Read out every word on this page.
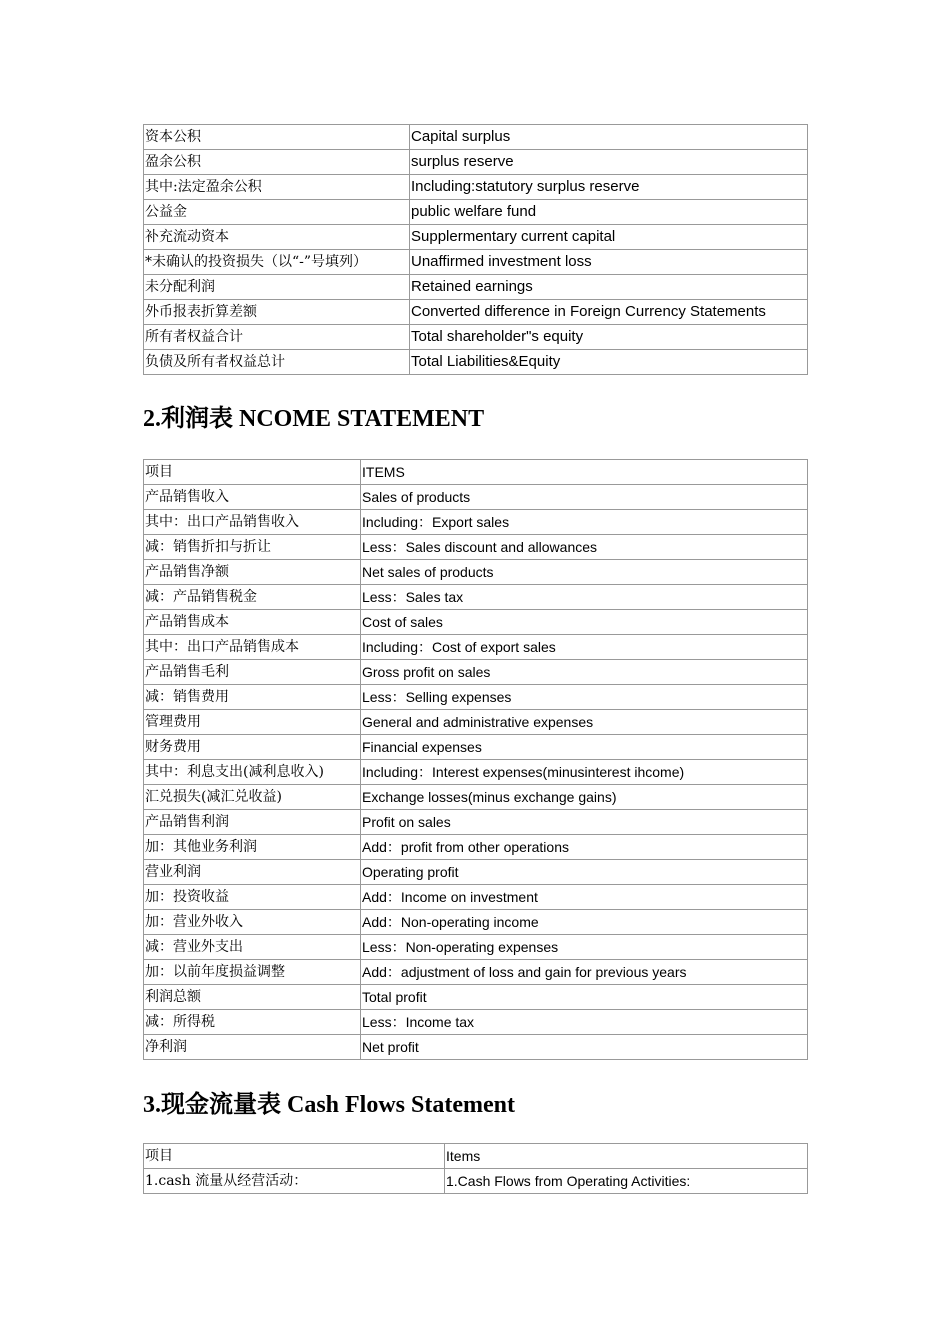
资本公积	Capital surplus
盈余公积	surplus reserve
其中:法定盈余公积	Including:statutory surplus reserve
公益金	public welfare fund
补充流动资本	Supplermentary current capital
*未确认的投资损失（以“-”号填列）	Unaffirmed investment loss
未分配利润	Retained earnings
外币报表折算差额	Converted difference in Foreign Currency Statements
所有者权益合计	Total shareholder"s equity
负债及所有者权益总计	Total Liabilities&Equity
2.利润表 NCOME STATEMENT
项目	ITEMS
产品销售收入	Sales of products
其中：出口产品销售收入	Including：Export sales
减：销售折扣与折让	Less：Sales discount and allowances
产品销售净额	Net sales of products
减：产品销售税金	Less：Sales tax
产品销售成本	Cost of sales
其中：出口产品销售成本	Including：Cost of export sales
产品销售毛利	Gross profit on sales
减：销售费用	Less：Selling expenses
管理费用	General and administrative expenses
财务费用	Financial expenses
其中：利息支出(减利息收入)	Including：Interest expenses(minusinterest ihcome)
汇兑损失(减汇兑收益)	Exchange losses(minus exchange gains)
产品销售利润	Profit on sales
加：其他业务利润	Add：profit from other operations
营业利润	Operating profit
加：投资收益	Add：Income on investment
加：营业外收入	Add：Non-operating income
减：营业外支出	Less：Non-operating expenses
加：以前年度损益调整	Add：adjustment of loss and gain for previous years
利润总额	Total profit
减：所得税	Less：Income tax
净利润	Net profit
3.现金流量表 Cash Flows Statement
项目	Items
1.cash 流量从经营活动：	1.Cash Flows from Operating Activities:
